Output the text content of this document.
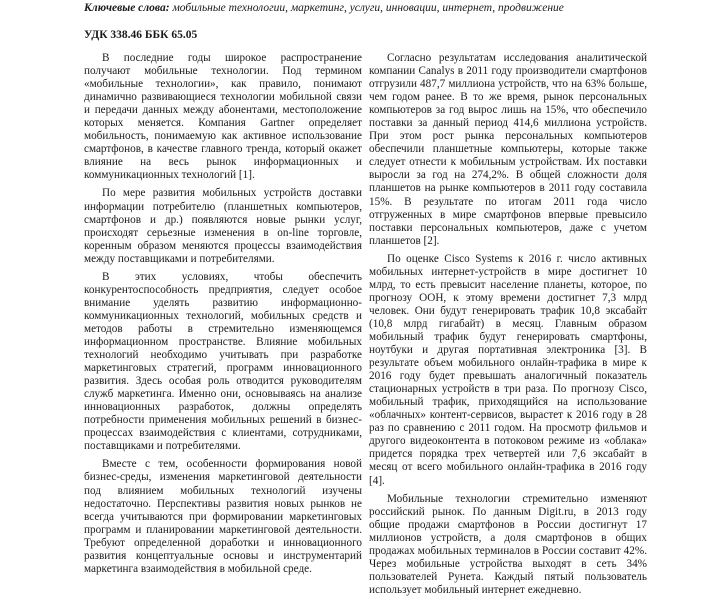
Ключевые слова: мобильные технологии, маркетинг, услуги, инновации, интернет, продвижение
УДК 338.46 ББК 65.05

В последние годы широкое распространение получают мобильные технологии. Под термином «мобильные технологии», как правило, понимают динамично развивающиеся технологии мобильной связи и передачи данных между абонентами, местоположение которых меняется. Компания Gartner определяет мобильность, понимаемую как активное использование смартфонов, в качестве главного тренда, который окажет влияние на весь рынок информационных и коммуникационных технологий [1].

По мере развития мобильных устройств доставки информации потребителю (планшетных компьютеров, смартфонов и др.) появляются новые рынки услуг, происходят серьезные изменения в on-line торговле, коренным образом меняются процессы взаимодействия между поставщиками и потребителями.

В этих условиях, чтобы обеспечить конкурентоспособность предприятия, следует особое внимание уделять развитию информационно-коммуникационных технологий, мобильных средств и методов работы в стремительно изменяющемся информационном пространстве. Влияние мобильных технологий необходимо учитывать при разработке маркетинговых стратегий, программ инновационного развития. Здесь особая роль отводится руководителям служб маркетинга. Именно они, основываясь на анализе инновационных разработок, должны определять потребности применения мобильных решений в бизнес-процессах взаимодействия с клиентами, сотрудниками, поставщиками и потребителями.

Вместе с тем, особенности формирования новой бизнес-среды, изменения маркетинговой деятельности под влиянием мобильных технологий изучены недостаточно. Перспективы развития новых рынков не всегда учитываются при формировании маркетинговых программ и планировании маркетинговой деятельности. Требуют определенной доработки и инновационного развития концептуальные основы и инструментарий маркетинга взаимодействия в мобильной среде.

Согласно результатам исследования аналитической компании Canalys в 2011 году производители смартфонов отгрузили 487,7 миллиона устройств, что на 63% больше, чем годом ранее. В то же время, рынок персональных компьютеров за год вырос лишь на 15%, что обеспечило поставки за данный период 414,6 миллиона устройств. При этом рост рынка персональных компьютеров обеспечили планшетные компьютеры, которые также следует отнести к мобильным устройствам. Их поставки выросли за год на 274,2%. В общей сложности доля планшетов на рынке компьютеров в 2011 году составила 15%. В результате по итогам 2011 года число отгруженных в мире смартфонов впервые превысило поставки персональных компьютеров, даже с учетом планшетов [2].

По оценке Cisco Systems к 2016 г. число активных мобильных интернет-устройств в мире достигнет 10 млрд, то есть превысит население планеты, которое, по прогнозу ООН, к этому времени достигнет 7,3 млрд человек. Они будут генерировать трафик 10,8 эксабайт (10,8 млрд гигабайт) в месяц. Главным образом мобильный трафик будут генерировать смартфоны, ноутбуки и другая портативная электроника [3]. В результате объем мобильного онлайн-трафика в мире к 2016 году будет превышать аналогичный показатель стационарных устройств в три раза. По прогнозу Cisco, мобильный трафик, приходящийся на использование «облачных» контент-сервисов, вырастет к 2016 году в 28 раз по сравнению с 2011 годом. На просмотр фильмов и другого видеоконтента в потоковом режиме из «облака» придется порядка трех четвертей или 7,6 эксабайт в месяц от всего мобильного онлайн-трафика в 2016 году [4].

Мобильные технологии стремительно изменяют российский рынок. По данным Digit.ru, в 2013 году общие продажи смартфонов в России достигнут 17 миллионов устройств, а доля смартфонов в общих продажах мобильных терминалов в России составит 42%. Через мобильные устройства выходят в сеть 34% пользователей Рунета. Каждый пятый пользователь использует мобильный интернет ежедневно.
